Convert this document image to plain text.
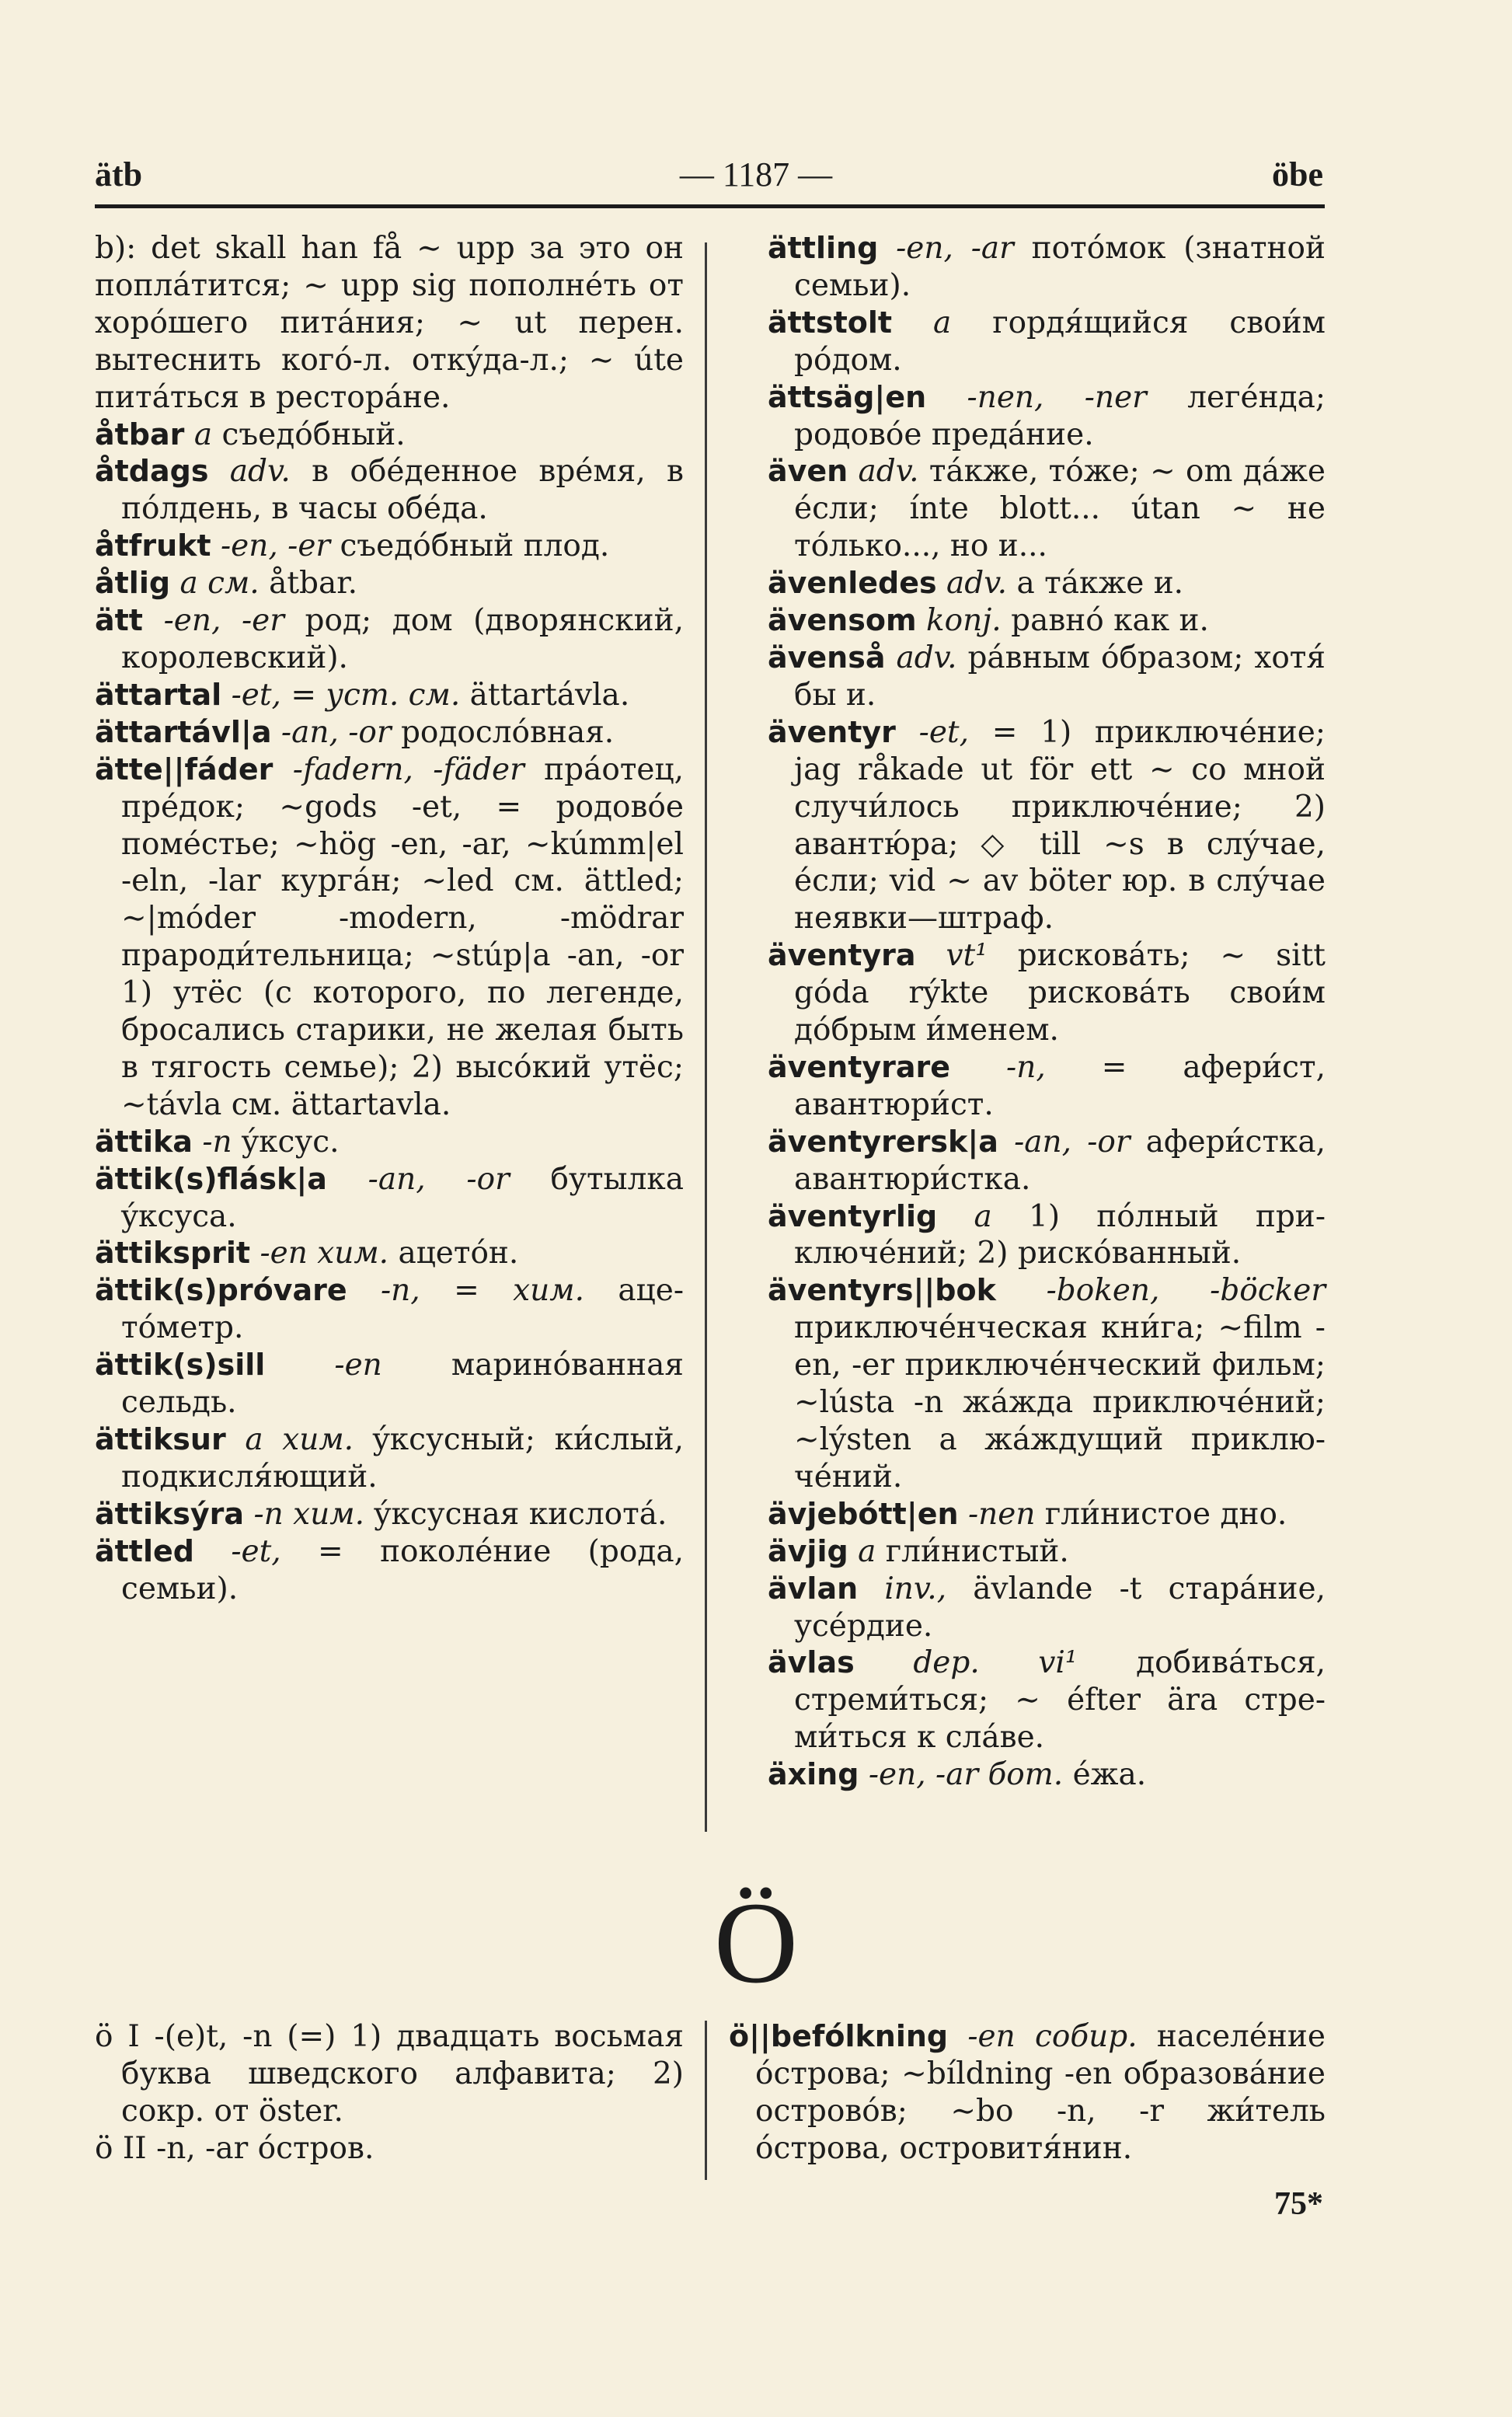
ätb	— 1187 —	öbe

b): det skall han få ∼ upp за это он поплáтится; ∼ upp sig пополнéть от хорóшего питáния; ∼ ut перен. вытеснить когó-л. откýда-л.; ∼ úte питáться в ресторáне.

åtbar a съедóбный.

åtdags adv. в обéденное врéмя, в пóлдень, в часы обéда.

åtfrukt -en, -er съедóбный плод.

åtlig a см. åtbar.

ätt -en, -er род; дом (дворянский, королевский).

ättartal -et, = уст. см. ättartávla.

ättartávl|a -an, -or родослóвная.

ätte||fáder -fadern, -fäder прáотец, прéдок; ∼gods -et, = родовóе помéстье; ∼hög -en, -ar, ∼kúmm|el -eln, -lar кургáн; ∼led см. ättled; ∼|móder -modern, -mödrar прароди́тельница; ∼stúp|a -an, -or 1) утёс (с которого, по легенде, бросались старики, не желая быть в тягость семье); 2) высóкий утёс; ∼távla см. ättartavla.

ättika -n ýксус.

ättik(s)flásk|a -an, -or бутылка ýксуса.

ättiksprit -en хим. ацетóн.

ättik(s)próvare -n, = хим. ацетóметр.

ättik(s)sill -en маринóванная сельдь.

ättiksur a хим. ýксусный; ки́слый, подкисля́ющий.

ättiksýra -n хим. ýксусная кислотá.

ättled -et, = поколéние (рода, семьи).

ättling -en, -ar потóмок (знатной семьи).

ättstolt a гордя́щийся свои́м рóдом.

ättsäg|en -nen, -ner легéнда; родовóе предáние.

även adv. тáкже, тóже; ∼ om дáже éсли; ínte blott... útan ∼ не тóлько..., но и...

ävenledes adv. а тáкже и.

ävensom konj. равнó как и.

ävenså adv. рáвным óбразом; хотя́ бы и.

äventyr -et, = 1) приключéние; jag råkade ut för ett ∼ со мной случи́лось приключéние; 2) авантю́ра; ◇ till ∼s в слýчае, éсли; vid ∼ av böter юр. в слýчае неявки—штраф.

äventyra vt¹ рисковáть; ∼ sitt góda rýkte рисковáть свои́м дóбрым и́менем.

äventyrare -n, = афери́ст, авантюри́ст.

äventyrersk|a -an, -or афери́стка, авантюри́стка.

äventyrlig a 1) пóлный приключéний; 2) рискóванный.

äventyrs||bok -boken, -böcker приключéнческая кни́га; ∼film -en, -er приключéнческий фильм; ∼lústa -n жáжда приключéний; ∼lýsten a жáждущий приключéний.

ävjebótt|en -nen гли́нистое дно.

ävjig a гли́нистый.

ävlan inv., ävlande -t старáние, усéрдие.

ävlas dep. vi¹ добивáться, стреми́ться; ∼ éfter ära стреми́ться к слáве.

äxing -en, -ar бот. éжа.

Ö

ö I -(e)t, -n (=) 1) двадцать восьмая буква шведского алфавита; 2) сокр. от öster.

ö II -n, -ar óстров.

ö||befólkning -en собир. населéние óстрова; ∼bíldning -en образовáние островóв; ∼bo -n, -r жи́тель óстрова, островитя́нин.

75*
